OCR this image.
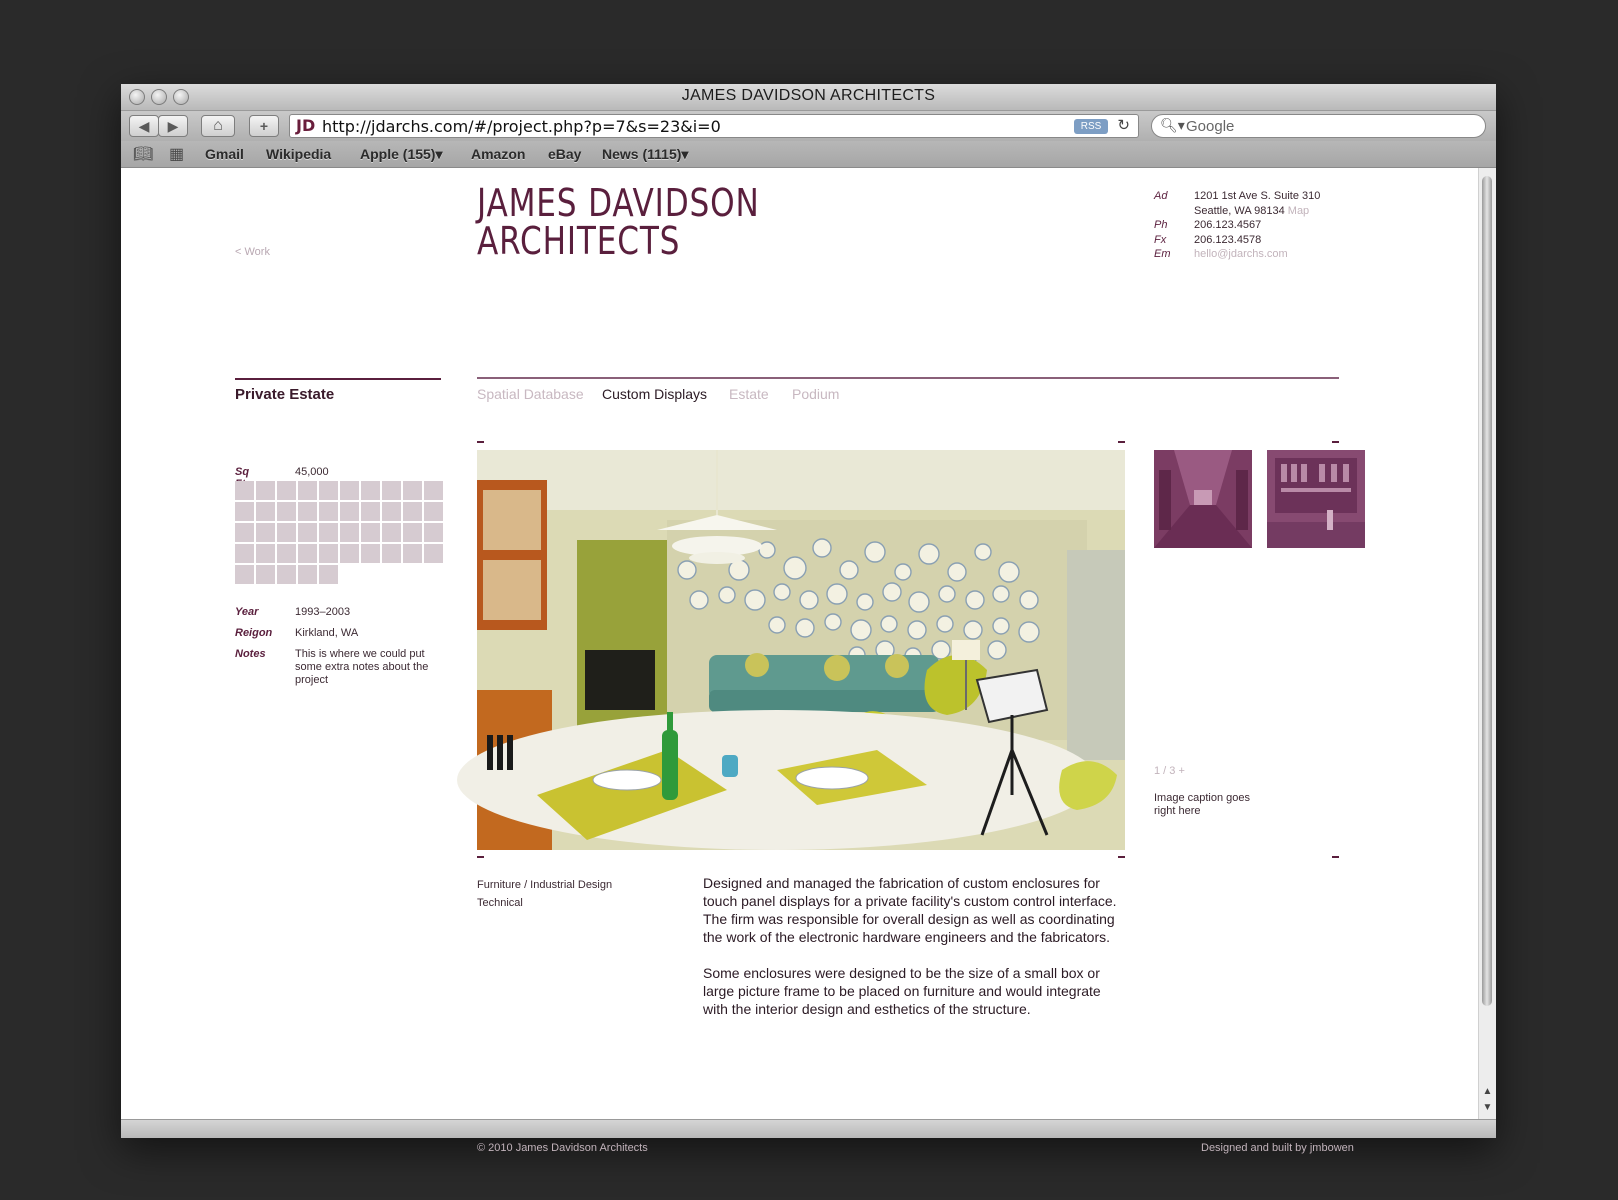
JAMES DAVIDSON ARCHITECTS
◀	▶	⌂	+	JD http://jdarchs.com/#/project.php?p=7&s=23&i=0	RSS	↻ 🔍︎▾ Google
📖︎ ▦ Gmail Wikipedia Apple (155)▾ Amazon eBay News (1115)▾
< Work
JAMES DAVIDSON
ARCHITECTS
Ad 1201 1st Ave S. Suite 310
Seattle, WA 98134 Map
Ph 206.123.4567
Fx	206.123.4578
Em hello@jdarchs.com
Private Estate	Spatial Database Custom Displays Estate Podium
Sq	45,000
Year	1993–2003
Reigon Kirkland, WA
Notes	This is where we could put some extra notes about the project
1 / 3 +
Image caption goes right here
Furniture / Industrial Design
Technical

Designed and managed the fabrication of custom enclosures for touch panel displays for a private facility's custom control interface. The firm was responsible for overall design as well as coordinating the work of the electronic hardware engineers and the fabricators.

Some enclosures were designed to be the size of a small box or large picture frame to be placed on furniture and would integrate with the interior design and esthetics of the structure.

© 2010 James Davidson Architects	Designed and built by jmbowen
▲
▼
